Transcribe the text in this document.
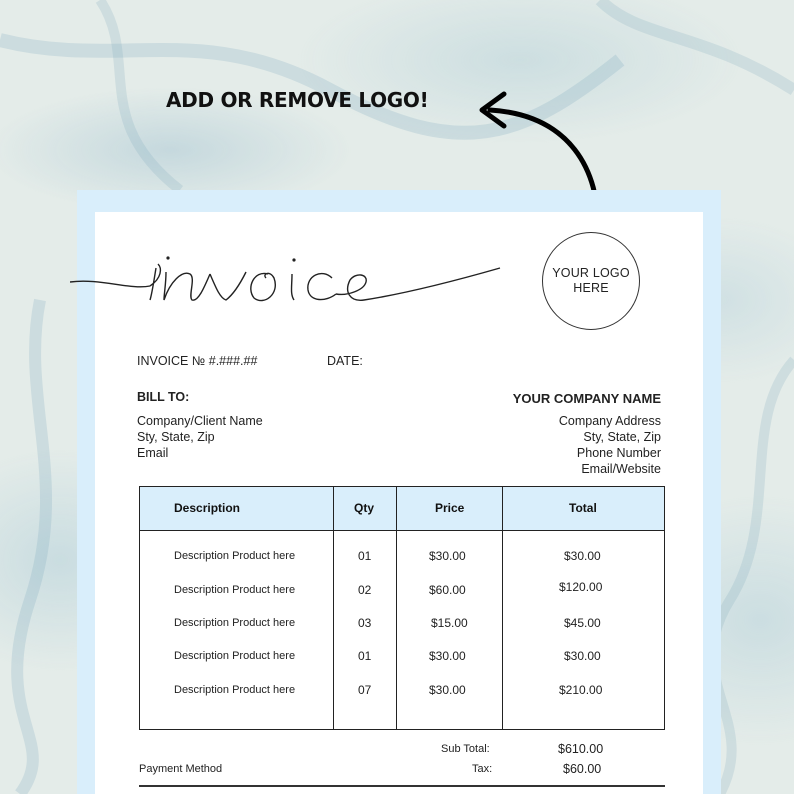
ADD OR REMOVE LOGO!
YOUR LOGO HERE
INVOICE № #.###.##	DATE:
BILL TO:
Company/Client Name
Sty, State, Zip
Email
YOUR COMPANY NAME
Company Address
Sty, State, Zip
Phone Number
Email/Website
Description	Qty	Price	Total
Description Product here	01	$30.00	$30.00
Description Product here	02	$60.00	$120.00
Description Product here	03	$15.00	$45.00
Description Product here	01	$30.00	$30.00
Description Product here	07	$30.00	$210.00
Sub Total:	$610.00
Payment Method	Tax:	$60.00
